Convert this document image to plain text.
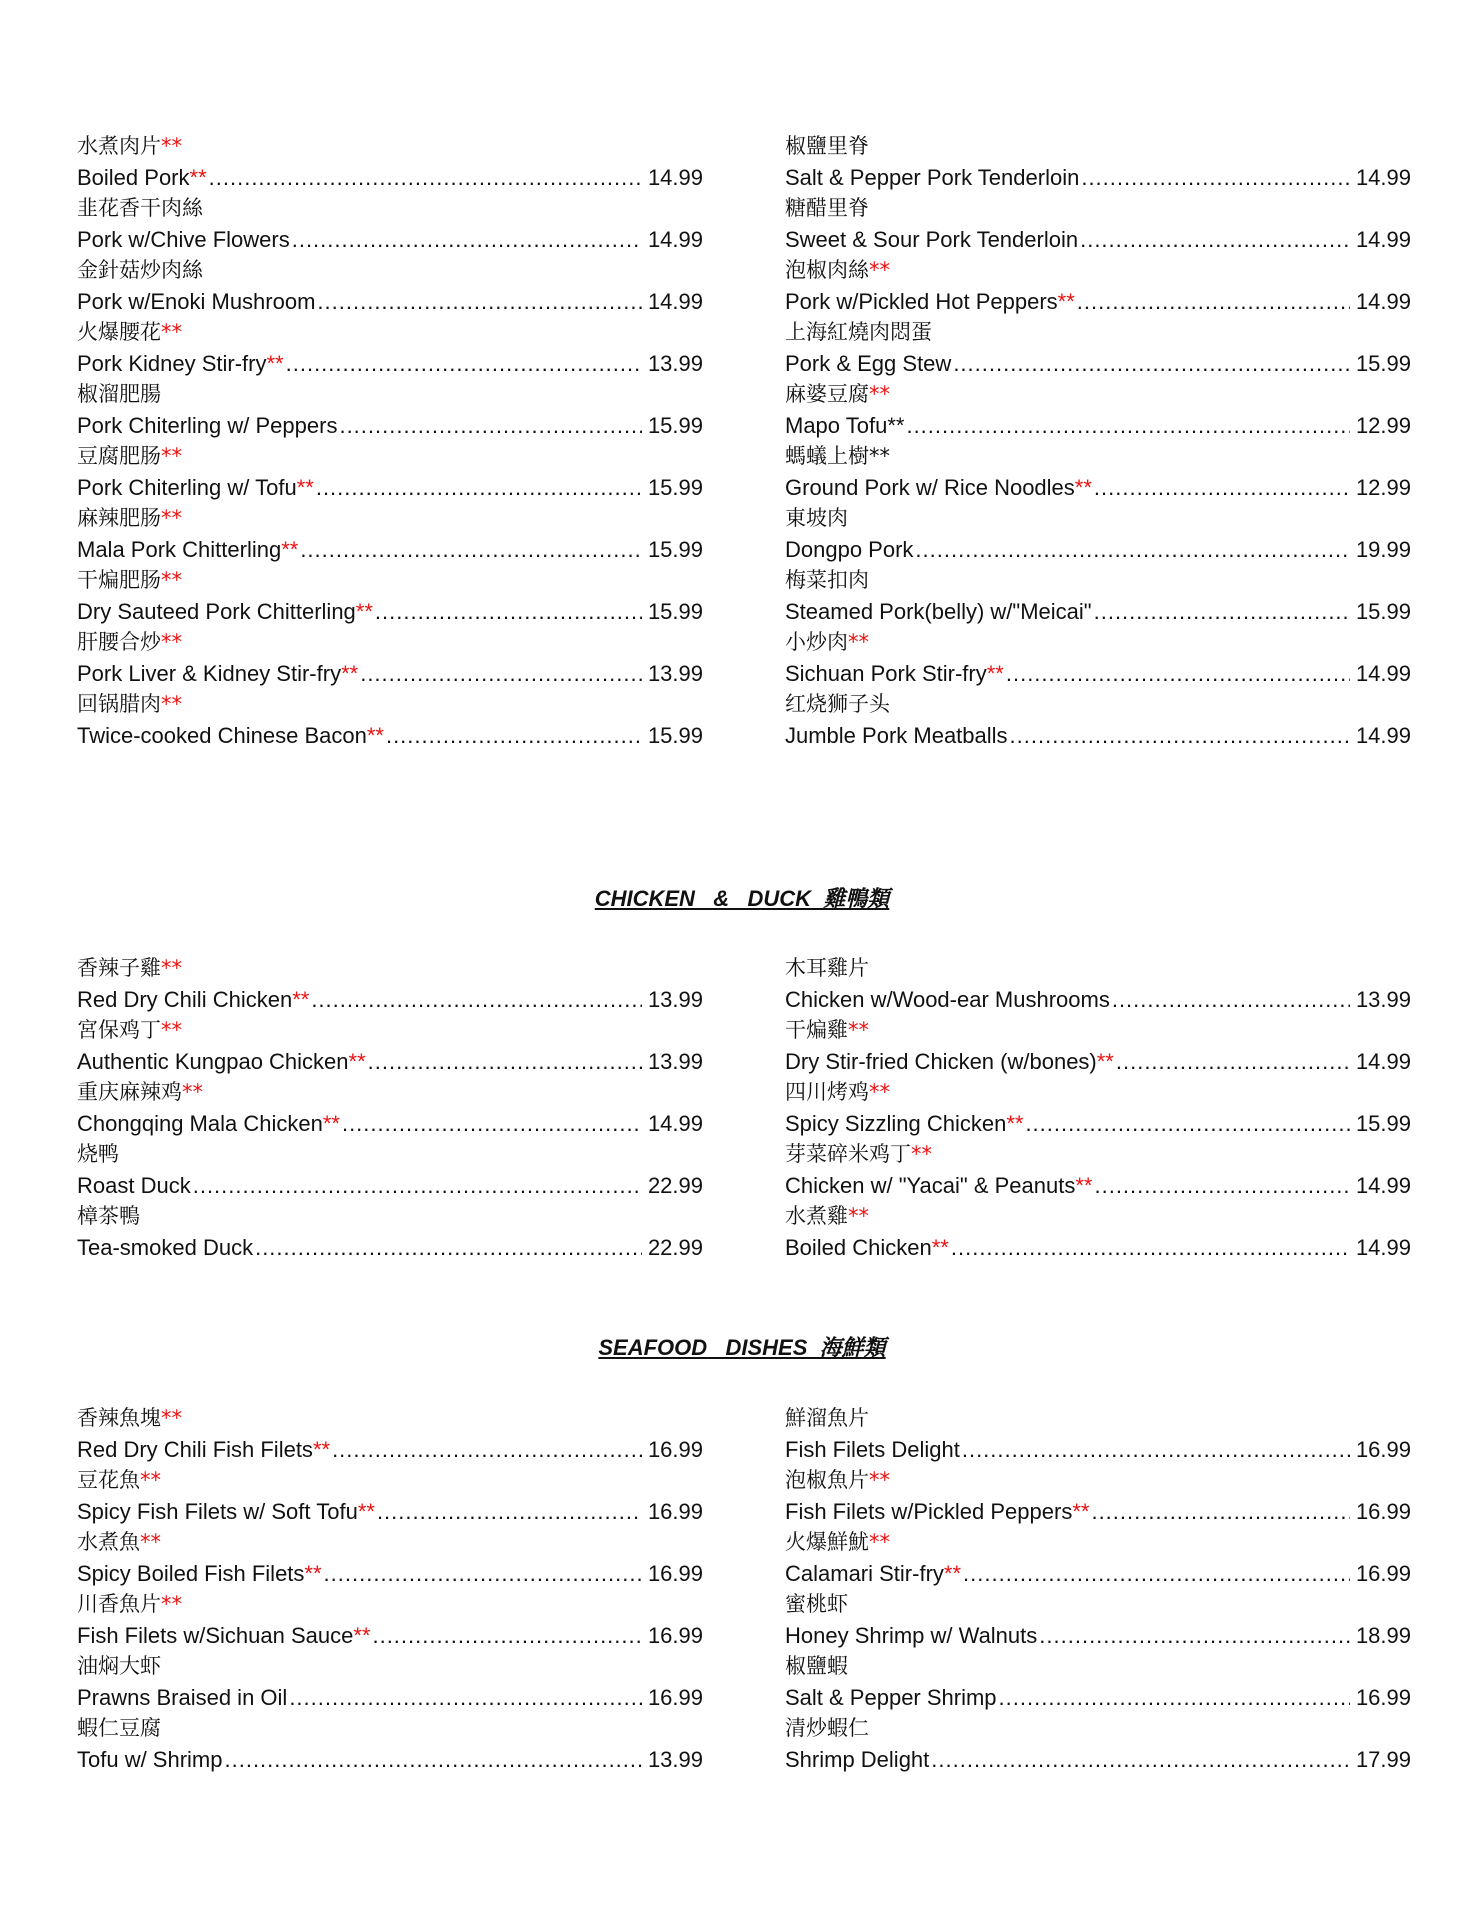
水煮肉片**
Boiled Pork** .....	14.99
韭花香干肉絲
Pork w/Chive Flowers .....	14.99
金針菇炒肉絲
Pork w/Enoki Mushroom .....	14.99
火爆腰花**
Pork Kidney Stir-fry** .....	13.99
椒溜肥腸
Pork Chiterling w/ Peppers .....	15.99
豆腐肥肠**
Pork Chiterling w/ Tofu** .....	15.99
麻辣肥肠**
Mala Pork Chitterling** .....	15.99
干煸肥肠**
Dry Sauteed Pork Chitterling** .....	15.99
肝腰合炒**
Pork Liver & Kidney Stir-fry** .....	13.99
回锅腊肉**
Twice-cooked Chinese Bacon** .....	15.99
椒鹽里脊
Salt & Pepper Pork Tenderloin .....	14.99
糖醋里脊
Sweet & Sour Pork Tenderloin .....	14.99
泡椒肉絲**
Pork w/Pickled Hot Peppers** .....	14.99
上海紅燒肉悶蛋
Pork & Egg Stew .....	15.99
麻婆豆腐**
Mapo Tofu** .....	12.99
螞蟻上樹**
Ground Pork w/ Rice Noodles** .....	12.99
東坡肉
Dongpo Pork .....	19.99
梅菜扣肉
Steamed Pork(belly) w/"Meicai" .....	15.99
小炒肉**
Sichuan Pork Stir-fry** .....	14.99
红烧狮子头
Jumble Pork Meatballs .....	14.99
CHICKEN   &   DUCK  雞鴨類
香辣子雞**
Red Dry Chili Chicken** .....	13.99
宮保鸡丁**
Authentic Kungpao Chicken** .....	13.99
重庆麻辣鸡**
Chongqing Mala Chicken** .....	14.99
烧鸭
Roast Duck .....	22.99
樟茶鴨
Tea-smoked Duck .....	22.99
木耳雞片
Chicken w/Wood-ear Mushrooms .....	13.99
干煸雞**
Dry Stir-fried Chicken (w/bones)** .....	14.99
四川烤鸡**
Spicy Sizzling Chicken** .....	15.99
芽菜碎米鸡丁**
Chicken w/ "Yacai" & Peanuts** .....	14.99
水煮雞**
Boiled Chicken** .....	14.99
SEAFOOD   DISHES  海鮮類
香辣魚塊**
Red Dry Chili Fish Filets** .....	16.99
豆花魚**
Spicy Fish Filets w/ Soft Tofu** .....	16.99
水煮魚**
Spicy Boiled Fish Filets** .....	16.99
川香魚片**
Fish Filets w/Sichuan Sauce** .....	16.99
油焖大虾
Prawns Braised in Oil .....	16.99
蝦仁豆腐
Tofu w/ Shrimp .....	13.99
鮮溜魚片
Fish Filets Delight .....	16.99
泡椒魚片**
Fish Filets w/Pickled Peppers** .....	16.99
火爆鮮魷**
Calamari Stir-fry** .....	16.99
蜜桃虾
Honey Shrimp w/ Walnuts .....	18.99
椒鹽蝦
Salt & Pepper Shrimp .....	16.99
清炒蝦仁
Shrimp Delight .....	17.99
